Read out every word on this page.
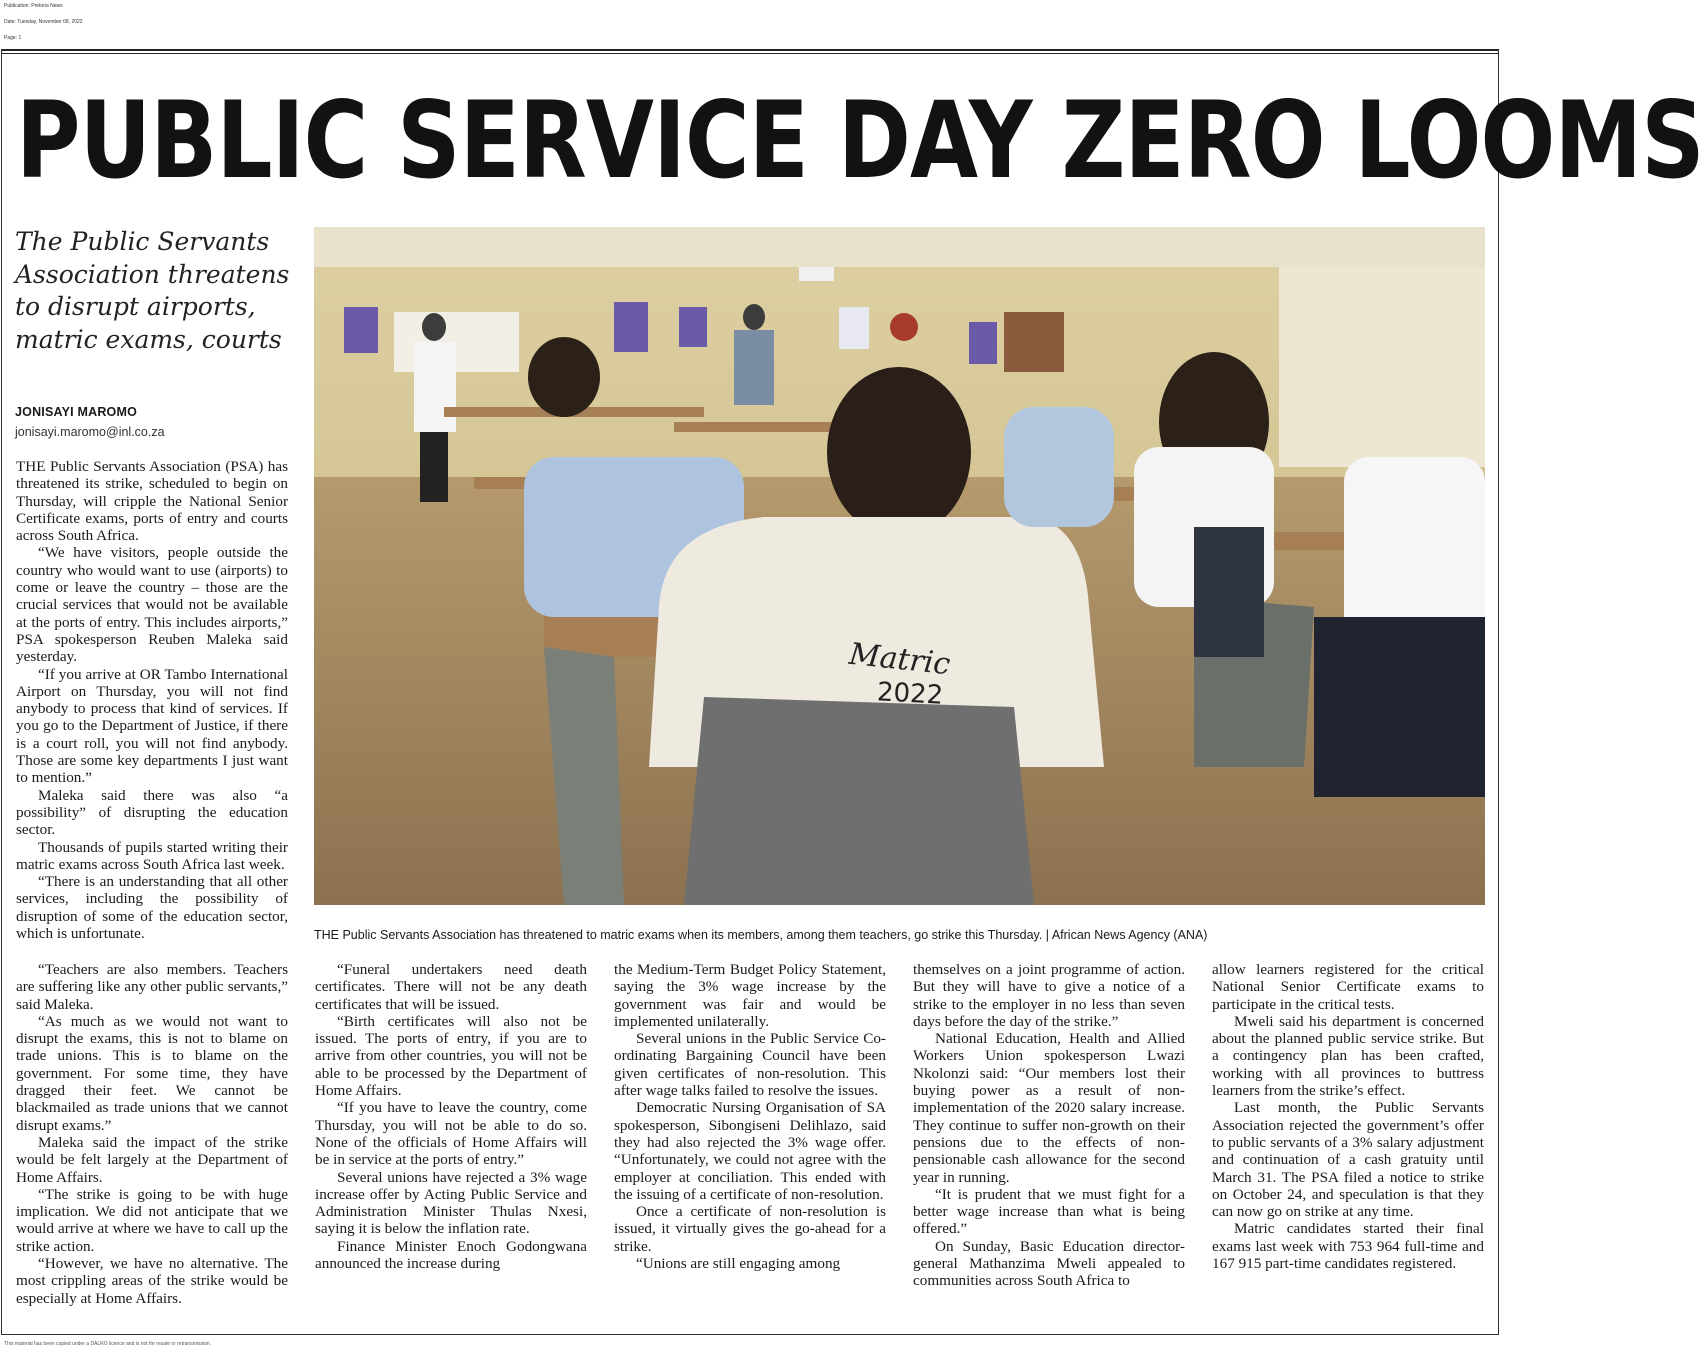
Publication: Pretoria News
Date: Tuesday, November 08, 2022
Page: 1
PUBLIC SERVICE DAY ZERO LOOMS
The Public Servants Association threatens to disrupt airports, matric exams, courts
JONISAYI MAROMO
jonisayi.maromo@inl.co.za

THE Public Servants Association (PSA) has threatened its strike, scheduled to begin on Thursday, will cripple the National Senior Certificate exams, ports of entry and courts across South Africa.

“We have visitors, people outside the country who would want to use (airports) to come or leave the country – those are the crucial services that would not be available at the ports of entry. This includes airports,” PSA spokesperson Reuben Maleka said yesterday.

“If you arrive at OR Tambo International Airport on Thursday, you will not find anybody to process that kind of services. If you go to the Department of Justice, if there is a court roll, you will not find anybody. Those are some key departments I just want to mention.”

Maleka said there was also “a possibility” of disrupting the education sector.

Thousands of pupils started writing their matric exams across South Africa last week.

“There is an understanding that all other services, including the possibility of disruption of some of the education sector, which is unfortunate.

“Teachers are also members. Teachers are suffering like any other public servants,” said Maleka.

“As much as we would not want to disrupt the exams, this is not to blame on trade unions. This is to blame on the government. For some time, they have dragged their feet. We cannot be blackmailed as trade unions that we cannot disrupt exams.”

Maleka said the impact of the strike would be felt largely at the Department of Home Affairs.

“The strike is going to be with huge implication. We did not anticipate that we would arrive at where we have to call up the strike action.

“However, we have no alternative. The most crippling areas of the strike would be especially at Home Affairs.

Matric
2022
THE Public Servants Association has threatened to matric exams when its members, among them teachers, go strike this Thursday. | African News Agency (ANA)

“Funeral undertakers need death certificates. There will not be any death certificates that will be issued.

“Birth certificates will also not be issued. The ports of entry, if you are to arrive from other countries, you will not be able to be processed by the Department of Home Affairs.

“If you have to leave the country, come Thursday, you will not be able to do so. None of the officials of Home Affairs will be in service at the ports of entry.”

Several unions have rejected a 3% wage increase offer by Acting Public Service and Administration Minister Thulas Nxesi, saying it is below the inflation rate.

Finance Minister Enoch Godongwana announced the increase during

the Medium-Term Budget Policy Statement, saying the 3% wage increase by the government was fair and would be implemented unilaterally.

Several unions in the Public Service Co-ordinating Bargaining Council have been given certificates of non-resolution. This after wage talks failed to resolve the issues.

Democratic Nursing Organisation of SA spokesperson, Sibongiseni Delihlazo, said they had also rejected the 3% wage offer. “Unfortunately, we could not agree with the employer at conciliation. This ended with the issuing of a certificate of non-resolution.

Once a certificate of non-resolution is issued, it virtually gives the go-ahead for a strike.

“Unions are still engaging among

themselves on a joint programme of action. But they will have to give a notice of a strike to the employer in no less than seven days before the day of the strike.”

National Education, Health and Allied Workers Union spokesperson Lwazi Nkolonzi said: “Our members lost their buying power as a result of non-implementation of the 2020 salary increase. They continue to suffer non-growth on their pensions due to the effects of non-pensionable cash allowance for the second year in running.

“It is prudent that we must fight for a better wage increase than what is being offered.”

On Sunday, Basic Education director-general Mathanzima Mweli appealed to communities across South Africa to

allow learners registered for the critical National Senior Certificate exams to participate in the critical tests.

Mweli said his department is concerned about the planned public service strike. But a contingency plan has been crafted, working with all provinces to buttress learners from the strike’s effect.

Last month, the Public Servants Association rejected the government’s offer to public servants of a 3% salary adjustment and continuation of a cash gratuity until March 31. The PSA filed a notice to strike on October 24, and speculation is that they can now go on strike at any time.

Matric candidates started their final exams last week with 753 964 full-time and 167 915 part-time candidates registered.

This material has been copied under a DALRO licence and is not for resale or retransmission.
